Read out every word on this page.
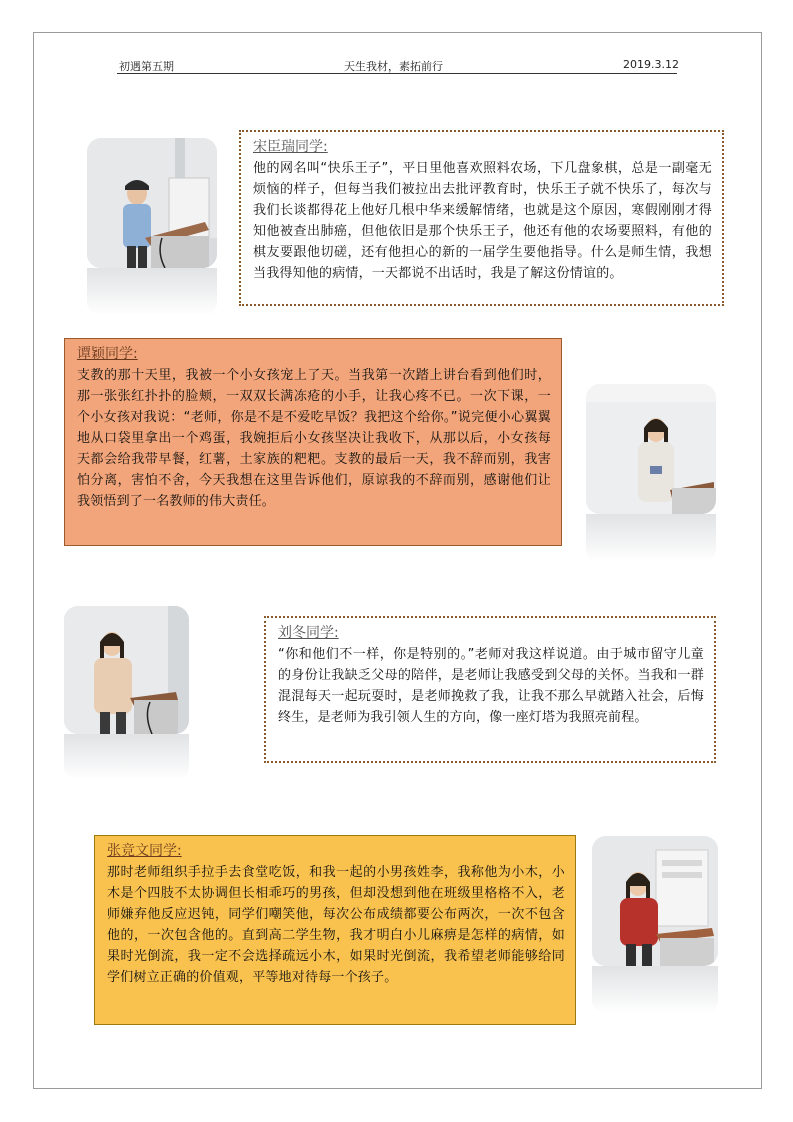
初遇第五期	天生我材，素拓前行	2019.3.12

宋臣瑞同学:

他的网名叫“快乐王子”，平日里他喜欢照料农场，下几盘象棋，总是一副毫无烦恼的样子，但每当我们被拉出去批评教育时，快乐王子就不快乐了，每次与我们长谈都得花上他好几根中华来缓解情绪，也就是这个原因，寒假刚刚才得知他被查出肺癌，但他依旧是那个快乐王子，他还有他的农场要照料，有他的棋友要跟他切磋，还有他担心的新的一届学生要他指导。什么是师生情，我想当我得知他的病情，一天都说不出话时，我是了解这份情谊的。

谭颖同学:

支教的那十天里，我被一个小女孩宠上了天。当我第一次踏上讲台看到他们时，那一张张红扑扑的脸颊，一双双长满冻疮的小手，让我心疼不已。一次下课，一个小女孩对我说：“老师，你是不是不爱吃早饭？我把这个给你。”说完便小心翼翼地从口袋里拿出一个鸡蛋，我婉拒后小女孩坚决让我收下，从那以后，小女孩每天都会给我带早餐，红薯，土家族的粑粑。支教的最后一天，我不辞而别，我害怕分离，害怕不舍，今天我想在这里告诉他们，原谅我的不辞而别，感谢他们让我领悟到了一名教师的伟大责任。

刘冬同学:

“你和他们不一样，你是特别的。”老师对我这样说道。由于城市留守儿童的身份让我缺乏父母的陪伴，是老师让我感受到父母的关怀。当我和一群混混每天一起玩耍时，是老师挽救了我，让我不那么早就踏入社会，后悔终生，是老师为我引领人生的方向，像一座灯塔为我照亮前程。

张竞文同学:

那时老师组织手拉手去食堂吃饭，和我一起的小男孩姓李，我称他为小木，小木是个四肢不太协调但长相乖巧的男孩，但却没想到他在班级里格格不入，老师嫌弃他反应迟钝，同学们嘲笑他，每次公布成绩都要公布两次，一次不包含他的，一次包含他的。直到高二学生物，我才明白小儿麻痹是怎样的病情，如果时光倒流，我一定不会选择疏远小木，如果时光倒流，我希望老师能够给同学们树立正确的价值观，平等地对待每一个孩子。
